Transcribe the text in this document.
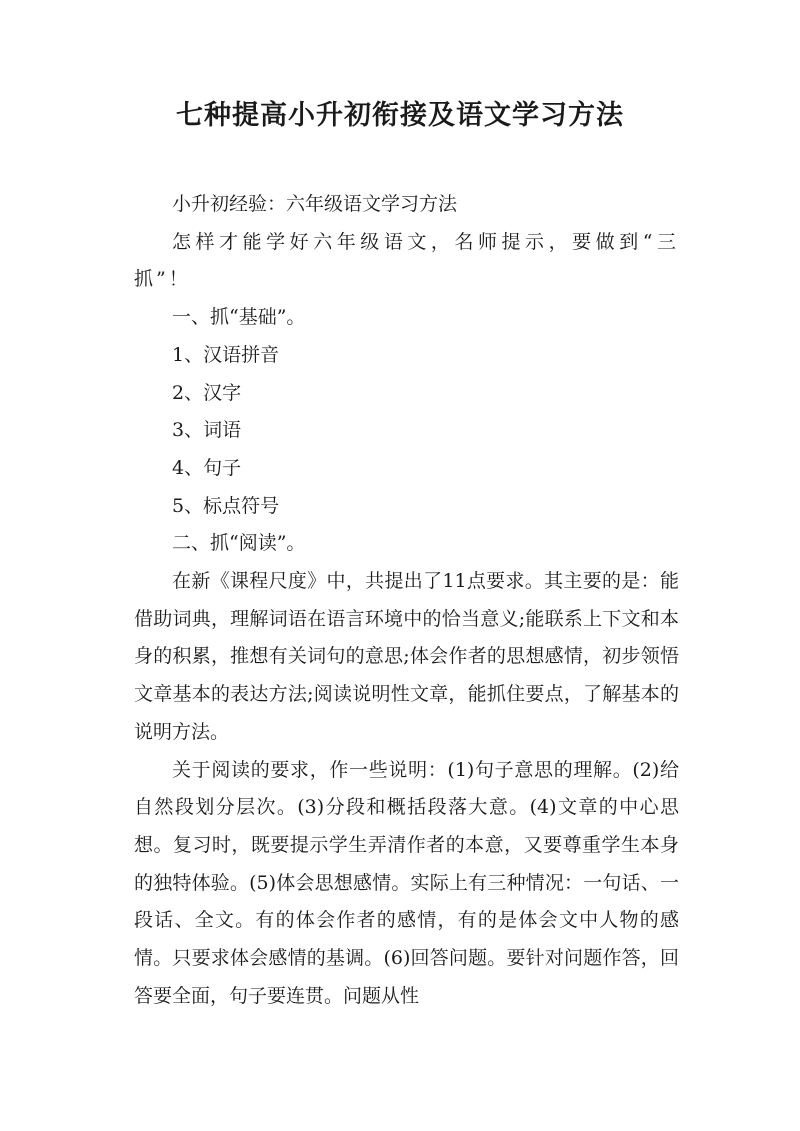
七种提高小升初衔接及语文学习方法

小升初经验：六年级语文学习方法

怎样才能学好六年级语文，名师提示，要做到“三抓”！

一、抓“基础”。

1、汉语拼音

2、汉字

3、词语

4、句子

5、标点符号

二、抓“阅读”。

在新《课程尺度》中，共提出了11点要求。其主要的是：能借助词典，理解词语在语言环境中的恰当意义;能联系上下文和本身的积累，推想有关词句的意思;体会作者的思想感情，初步领悟文章基本的表达方法;阅读说明性文章，能抓住要点，了解基本的说明方法。

关于阅读的要求，作一些说明：(1)句子意思的理解。(2)给自然段划分层次。(3)分段和概括段落大意。(4)文章的中心思想。复习时，既要提示学生弄清作者的本意，又要尊重学生本身的独特体验。(5)体会思想感情。实际上有三种情况：一句话、一段话、全文。有的体会作者的感情，有的是体会文中人物的感情。只要求体会感情的基调。(6)回答问题。要针对问题作答，回答要全面，句子要连贯。问题从性
